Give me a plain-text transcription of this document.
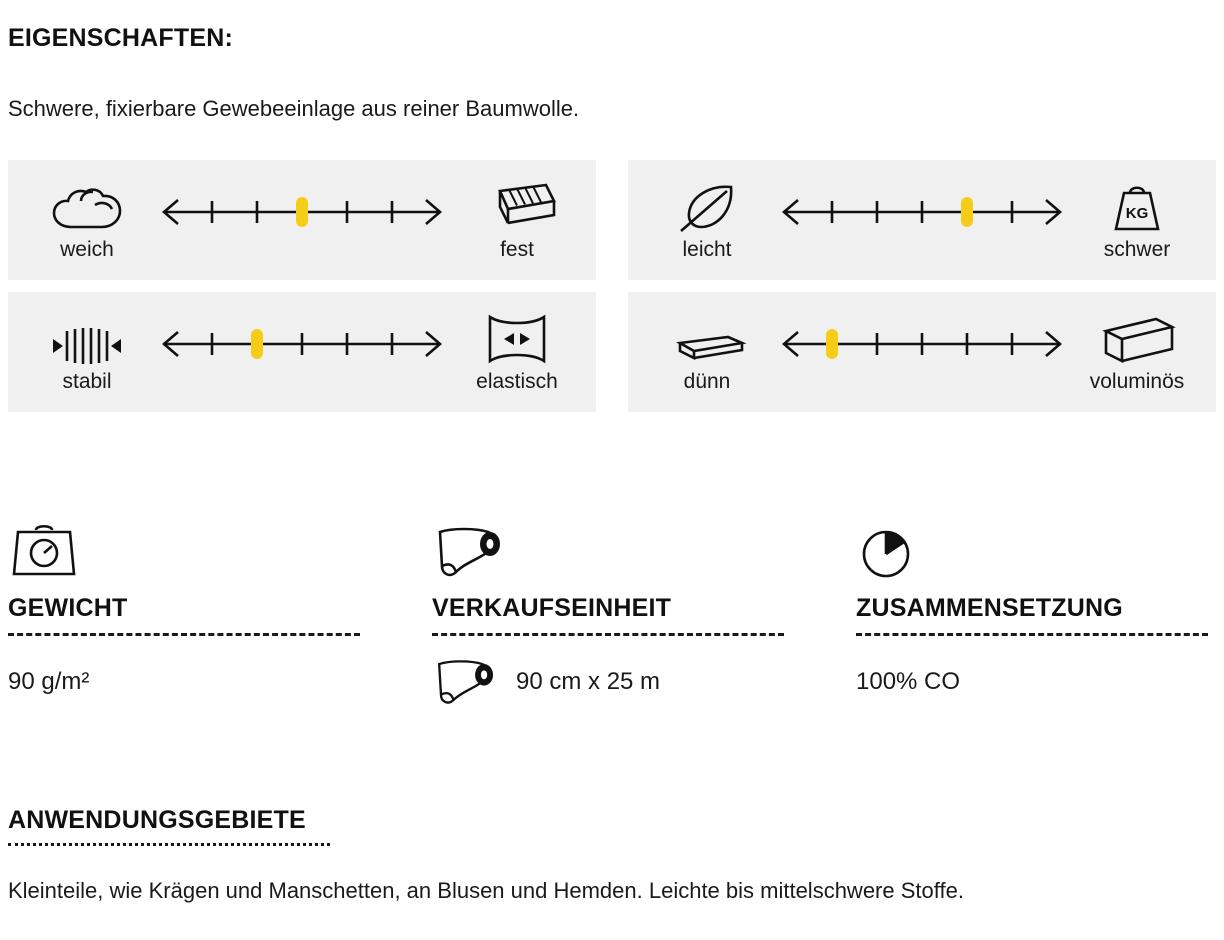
EIGENSCHAFTEN:
Schwere, fixierbare Gewebeeinlage aus reiner Baumwolle.
weich	fest	leicht
KG
schwer
stabil	elastisch	dünn	voluminös
GEWICHT
90 g/m²
VERKAUFSEINHEIT
90 cm x 25 m
ZUSAMMENSETZUNG
100% CO
ANWENDUNGSGEBIETE
Kleinteile, wie Krägen und Manschetten, an Blusen und Hemden. Leichte bis mittelschwere Stoffe.
